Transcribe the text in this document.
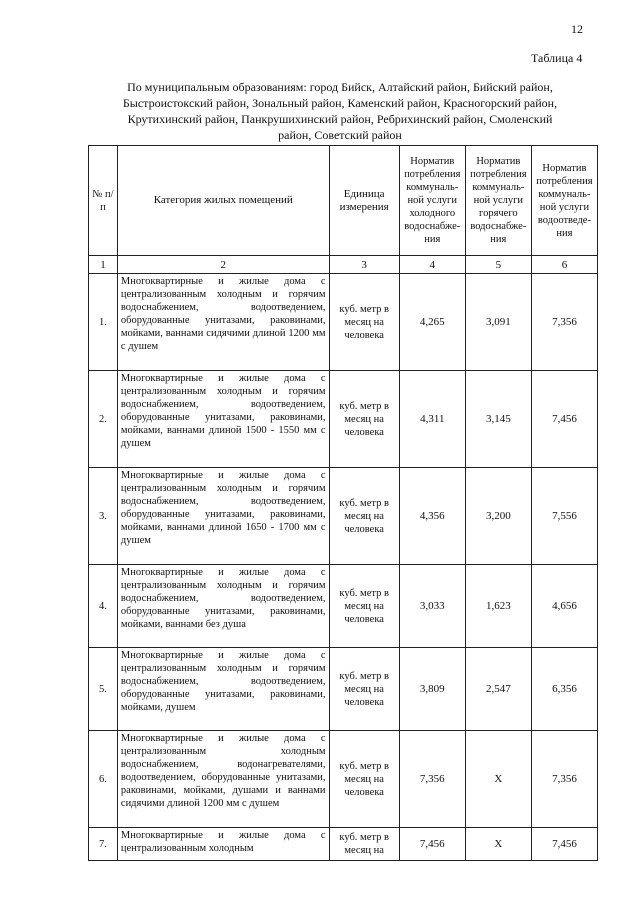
12
Таблица 4
По муниципальным образованиям: город Бийск, Алтайский район, Бийский район, Быстроистокский район, Зональный район, Каменский район, Красногорский район, Крутихинский район, Панкрушихинский район, Ребрихинский район, Смоленский район, Советский район
№ п/п	Категория жилых помещений	Единица измерения	Норматив потребления коммуналь-ной услуги холодного водоснабже-ния	Норматив потребления коммуналь-ной услуги горячего водоснабже-ния	Норматив потребления коммуналь-ной услуги водоотведе-ния
1	2	3	4	5	6
1.	Многоквартирные и жилые дома с централизованным холодным и горячим водоснабжением, водоотведением, оборудованные унитазами, раковинами, мойками, ваннами сидячими длиной 1200 мм с душем	куб. метр в месяц на человека	4,265	3,091	7,356
2.	Многоквартирные и жилые дома с централизованным холодным и горячим водоснабжением, водоотведением, оборудованные унитазами, раковинами, мойками, ваннами длиной 1500 - 1550 мм с душем	куб. метр в месяц на человека	4,311	3,145	7,456
3.	Многоквартирные и жилые дома с централизованным холодным и горячим водоснабжением, водоотведением, оборудованные унитазами, раковинами, мойками, ваннами длиной 1650 - 1700 мм с душем	куб. метр в месяц на человека	4,356	3,200	7,556
4.	Многоквартирные и жилые дома с централизованным холодным и горячим водоснабжением, водоотведением, оборудованные унитазами, раковинами, мойками, ваннами без душа	куб. метр в месяц на человека	3,033	1,623	4,656
5.	Многоквартирные и жилые дома с централизованным холодным и горячим водоснабжением, водоотведением, оборудованные унитазами, раковинами, мойками, душем	куб. метр в месяц на человека	3,809	2,547	6,356
6.	Многоквартирные и жилые дома с централизованным холодным водоснабжением, водонагревателями, водоотведением, оборудованные унитазами, раковинами, мойками, душами и ваннами сидячими длиной 1200 мм с душем	куб. метр в месяц на человека	7,356	X	7,356
7.	Многоквартирные и жилые дома с централизованным холодным	куб. метр в месяц на	7,456	X	7,456
